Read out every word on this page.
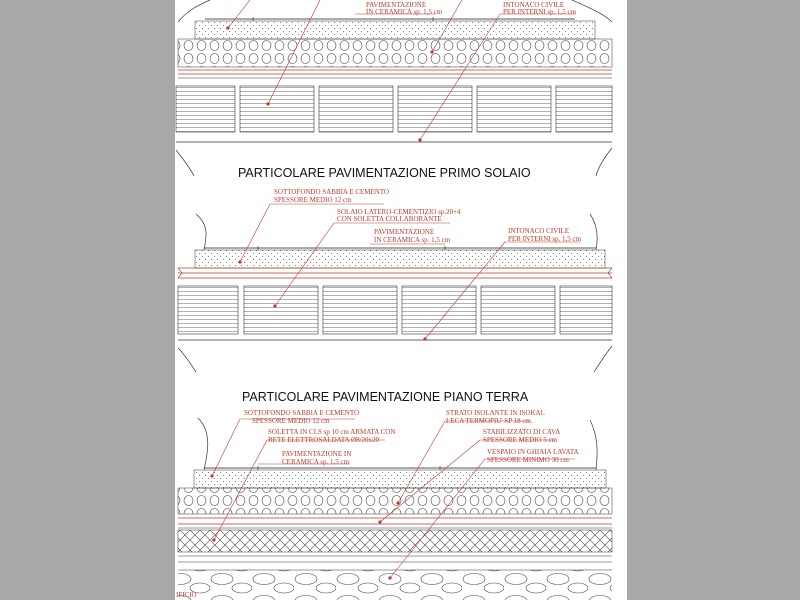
PAVIMENTAZIONE
IN CERAMICA sp. 1,5 cm
INTONACO CIVILE
PER INTERNI sp. 1,5 cm
PARTICOLARE PAVIMENTAZIONE PRIMO SOLAIO
SOTTOFONDO SABBIA E CEMENTO
SPESSORE MEDIO 12 cm
SOLAIO LATERO-CEMENTIZIO sp.20+4
CON SOLETTA COLLABORANTE
PAVIMENTAZIONE
IN CERAMICA sp. 1,5 cm
INTONACO CIVILE
PER INTERNI sp. 1,5 cm
PARTICOLARE PAVIMENTAZIONE PIANO TERRA
SOTTOFONDO SABBIA E CEMENTO
SPESSORE MEDIO 12 cm
SOLETTA IN CLS sp 10 cm ARMATA CON
RETE ELETTROSALDATA Ø8/20x20
PAVIMENTAZIONE IN
CERAMICA sp. 1,5 cm
STRATO ISOLANTE IN ISOKAL
LECA TERMOPIU' SP 18 cm.
STABILIZZATO DI CAVA
SPESSORE MEDIO 5 cm
VESPAIO IN GHIAIA LAVATA
SPESSORE MINIMO 30 cm
IFICIO
